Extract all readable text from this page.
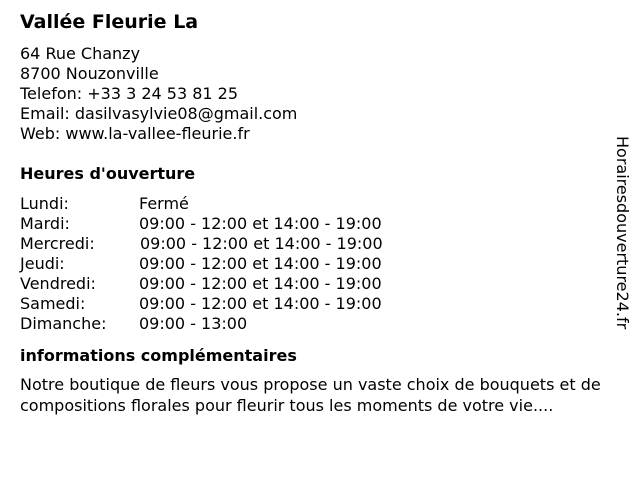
Vallée Fleurie La
64 Rue Chanzy
8700 Nouzonville
Telefon: +33 3 24 53 81 25
Email: dasilvasylvie08@gmail.com
Web: www.la-vallee-fleurie.fr
Heures d'ouverture
Lundi:	Fermé
Mardi:	09:00 - 12:00 et 14:00 - 19:00
Mercredi:	09:00 - 12:00 et 14:00 - 19:00
Jeudi:	09:00 - 12:00 et 14:00 - 19:00
Vendredi:	09:00 - 12:00 et 14:00 - 19:00
Samedi:	09:00 - 12:00 et 14:00 - 19:00
Dimanche:	09:00 - 13:00
informations complémentaires
Notre boutique de fleurs vous propose un vaste choix de bouquets et de compositions florales pour fleurir tous les moments de votre vie....
Horairesdouverture24.fr
